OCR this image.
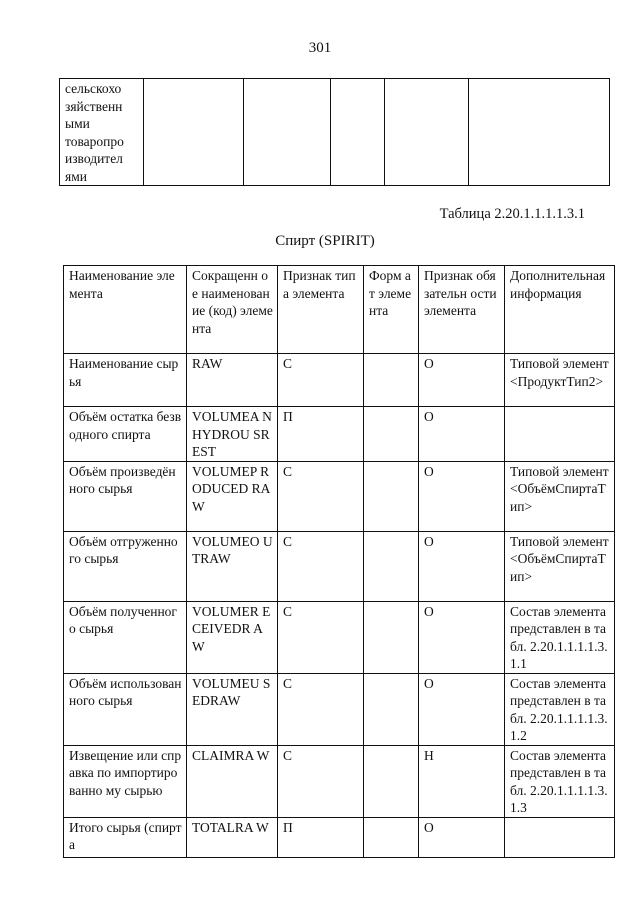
301
сельскохо зяйственн ыми товаропро изводител ями					
Таблица 2.20.1.1.1.1.3.1
Спирт (SPIRIT)
Наименование элемента	Сокращенн ое наименован ие (код) элемента	Признак типа элемента	Форм ат элеме нта	Признак обязательн ости элемента	Дополнительная информация
Наименование сырья	RAW	С		О	Типовой элемент <ПродуктТип2>
Объём остатка безводного спирта	VOLUMEA NHYDROU SREST	П		О	
Объём произведённого сырья	VOLUMEP RODUCED RAW	С		О	Типовой элемент <ОбъёмСпиртаТ ип>
Объём отгруженного сырья	VOLUMEO UTRAW	С		О	Типовой элемент <ОбъёмСпиртаТ ип>
Объём полученного сырья	VOLUMER ECEIVEDR AW	С		О	Состав элемента представлен в табл. 2.20.1.1.1.1.3.1.1
Объём использованного сырья	VOLUMEU SEDRAW	С		О	Состав элемента представлен в табл. 2.20.1.1.1.1.3.1.2
Извещение или справка по импортированно му сырью	CLAIMRA W	С		Н	Состав элемента представлен в табл. 2.20.1.1.1.1.3.1.3
Итого сырья (спирта	TOTALRA W	П		О	
